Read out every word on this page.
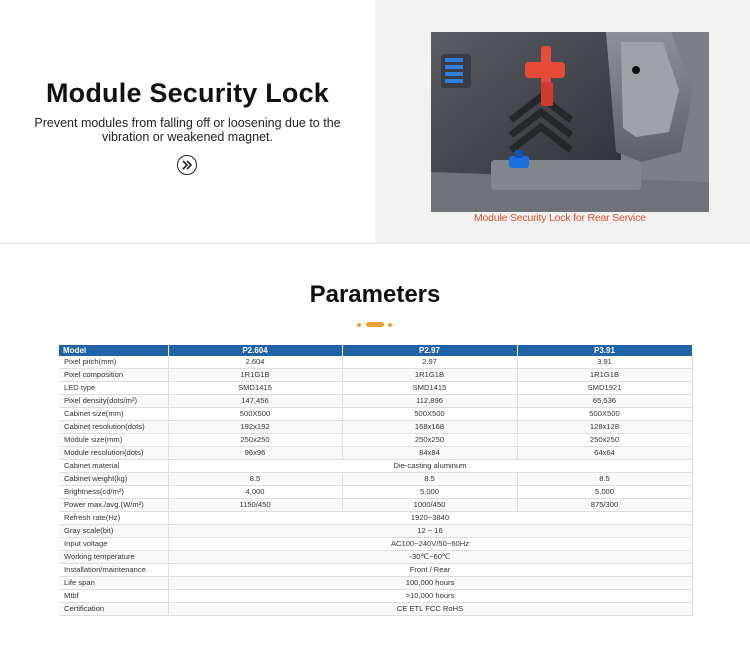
Module Security Lock

Prevent modules from falling off or loosening due to the vibration or weakened magnet.

Module Security Lock for Rear Service
Parameters
Model	P2.604	P2.97	P3.91
Pixel pitch(mm)	2.604	2.97	3.91
Pixel composition	1R1G1B	1R1G1B	1R1G1B
LED type	SMD1415	SMD1415	SMD1921
Pixel density(dots/m²)	147,456	112,896	65,536
Cabinet size(mm)	500X500	500X500	500X500
Cabinet resolution(dots)	192x192	168x168	128x128
Module size(mm)	250x250	250x250	250x250
Module resolution(dots)	96x96	84x84	64x64
Cabinet material	Die-casting aluminum		
Cabinet weight(kg)	8.5	8.5	8.5
Brightness(cd/m²)	4,000	5,000	5,000
Power max./avg.(W/m²)	1150/450	1000/450	875/300
Refresh rate(Hz)	1920~3840		
Gray scale(bit)	12 ~ 16		
Input voltage	AC100~240V/50~60Hz		
Working temperature	-30℃~60℃		
Installation/maintenance	Front / Rear		
Life span	100,000 hours		
Mtbf	>10,000 hours		
Certification	CE ETL FCC RoHS		
